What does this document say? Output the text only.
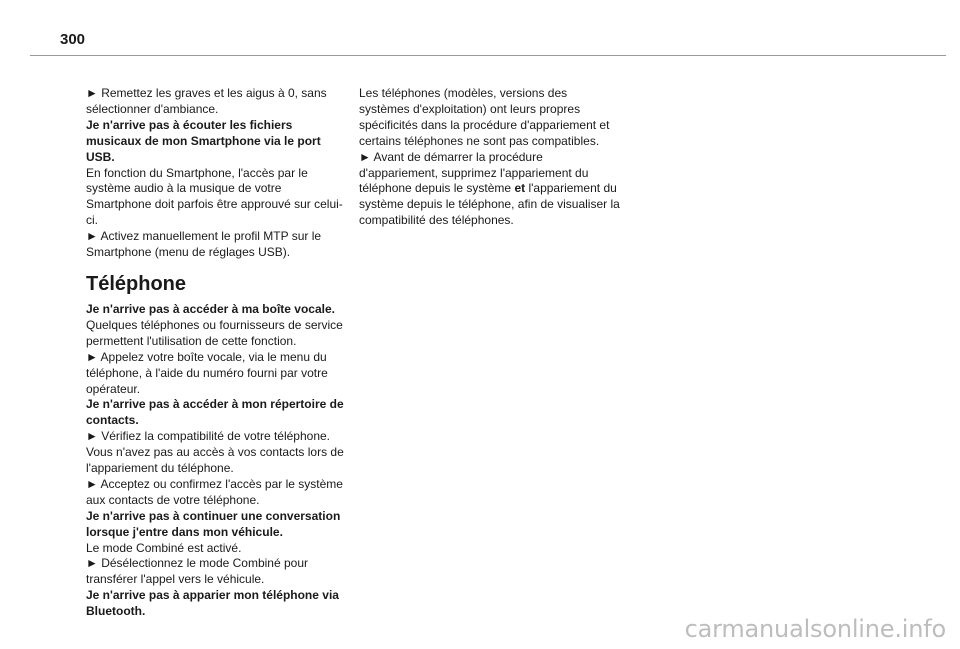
300

► Remettez les graves et les aigus à 0, sans sélectionner d'ambiance.

Je n'arrive pas à écouter les fichiers musicaux de mon Smartphone via le port USB.

En fonction du Smartphone, l'accès par le système audio à la musique de votre Smartphone doit parfois être approuvé sur celui-ci.

► Activez manuellement le profil MTP sur le Smartphone (menu de réglages USB).

Téléphone

Je n'arrive pas à accéder à ma boîte vocale.

Quelques téléphones ou fournisseurs de service permettent l'utilisation de cette fonction.

► Appelez votre boîte vocale, via le menu du téléphone, à l'aide du numéro fourni par votre opérateur.

Je n'arrive pas à accéder à mon répertoire de contacts.

► Vérifiez la compatibilité de votre téléphone.

Vous n'avez pas au accès à vos contacts lors de l'appariement du téléphone.

► Acceptez ou confirmez l'accès par le système aux contacts de votre téléphone.

Je n'arrive pas à continuer une conversation lorsque j'entre dans mon véhicule.

Le mode Combiné est activé.

► Désélectionnez le mode Combiné pour transférer l'appel vers le véhicule.

Je n'arrive pas à apparier mon téléphone via Bluetooth.

Les téléphones (modèles, versions des systèmes d'exploitation) ont leurs propres spécificités dans la procédure d'appariement et certains téléphones ne sont pas compatibles.

► Avant de démarrer la procédure d'appariement, supprimez l'appariement du téléphone depuis le système et l'appariement du système depuis le téléphone, afin de visualiser la compatibilité des téléphones.

carmanualsonline.info
